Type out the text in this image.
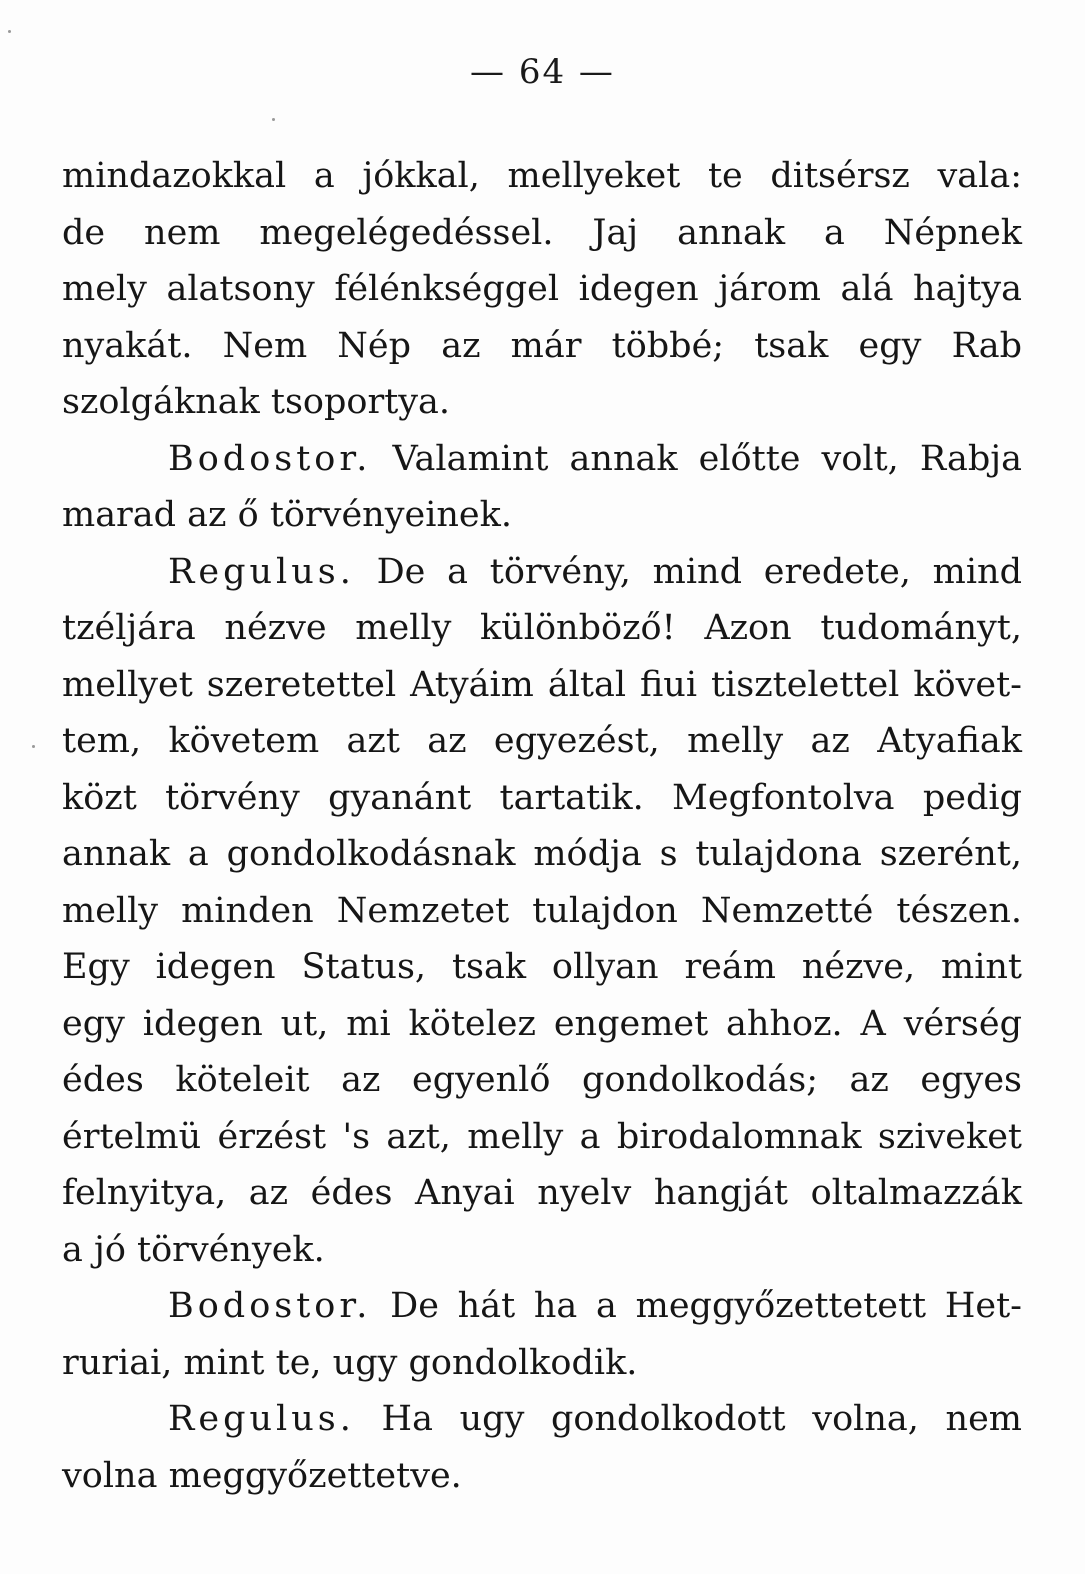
— 64 —
mindazokkal a jókkal, mellyeket te ditsérsz vala:
de nem megelégedéssel. Jaj annak a Népnek
mely alatsony félénkséggel idegen járom alá hajtya
nyakát. Nem Nép az már többé; tsak egy Rab
szolgáknak tsoportya.
Bodostor. Valamint annak előtte volt, Rabja
marad az ő törvényeinek.
Regulus. De a törvény, mind eredete, mind
tzéljára nézve melly különböző! Azon tudományt,
mellyet szeretettel Atyáim által fiui tisztelettel követ-
tem, követem azt az egyezést, melly az Atyafiak
közt törvény gyanánt tartatik. Megfontolva pedig
annak a gondolkodásnak módja s tulajdona szerént,
melly minden Nemzetet tulajdon Nemzetté tészen.
Egy idegen Status, tsak ollyan reám nézve, mint
egy idegen ut, mi kötelez engemet ahhoz. A vérség
édes köteleit az egyenlő gondolkodás; az egyes
értelmü érzést 's azt, melly a birodalomnak sziveket
felnyitya, az édes Anyai nyelv hangját oltalmazzák
a jó törvények.
Bodostor. De hát ha a meggyőzettetett Het-
ruriai, mint te, ugy gondolkodik.
Regulus. Ha ugy gondolkodott volna, nem
volna meggyőzettetve.
